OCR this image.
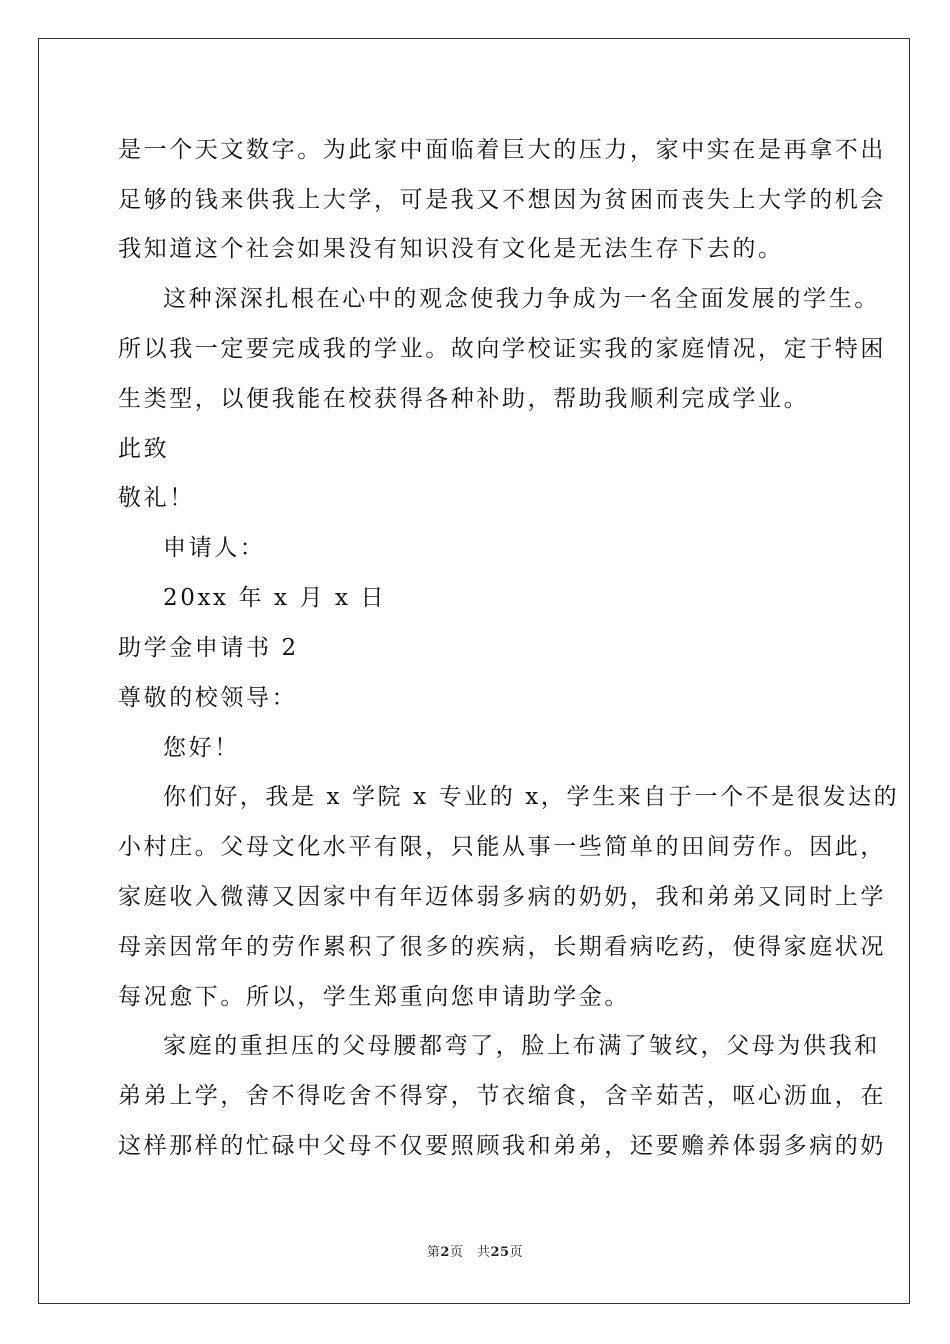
是一个天文数字。为此家中面临着巨大的压力，家中实在是再拿不出
足够的钱来供我上大学，可是我又不想因为贫困而丧失上大学的机会
我知道这个社会如果没有知识没有文化是无法生存下去的。
这种深深扎根在心中的观念使我力争成为一名全面发展的学生。
所以我一定要完成我的学业。故向学校证实我的家庭情况，定于特困
生类型，以便我能在校获得各种补助，帮助我顺利完成学业。
此致
敬礼！
申请人：
20xx 年 x 月 x 日
助学金申请书 2
尊敬的校领导：
您好！
你们好，我是 x 学院 x 专业的 x，学生来自于一个不是很发达的
小村庄。父母文化水平有限，只能从事一些简单的田间劳作。因此，
家庭收入微薄又因家中有年迈体弱多病的奶奶，我和弟弟又同时上学
母亲因常年的劳作累积了很多的疾病，长期看病吃药，使得家庭状况
每况愈下。所以，学生郑重向您申请助学金。
家庭的重担压的父母腰都弯了，脸上布满了皱纹，父母为供我和
弟弟上学，舍不得吃舍不得穿，节衣缩食，含辛茹苦，呕心沥血，在
这样那样的忙碌中父母不仅要照顾我和弟弟，还要赡养体弱多病的奶
第2页　共25页
